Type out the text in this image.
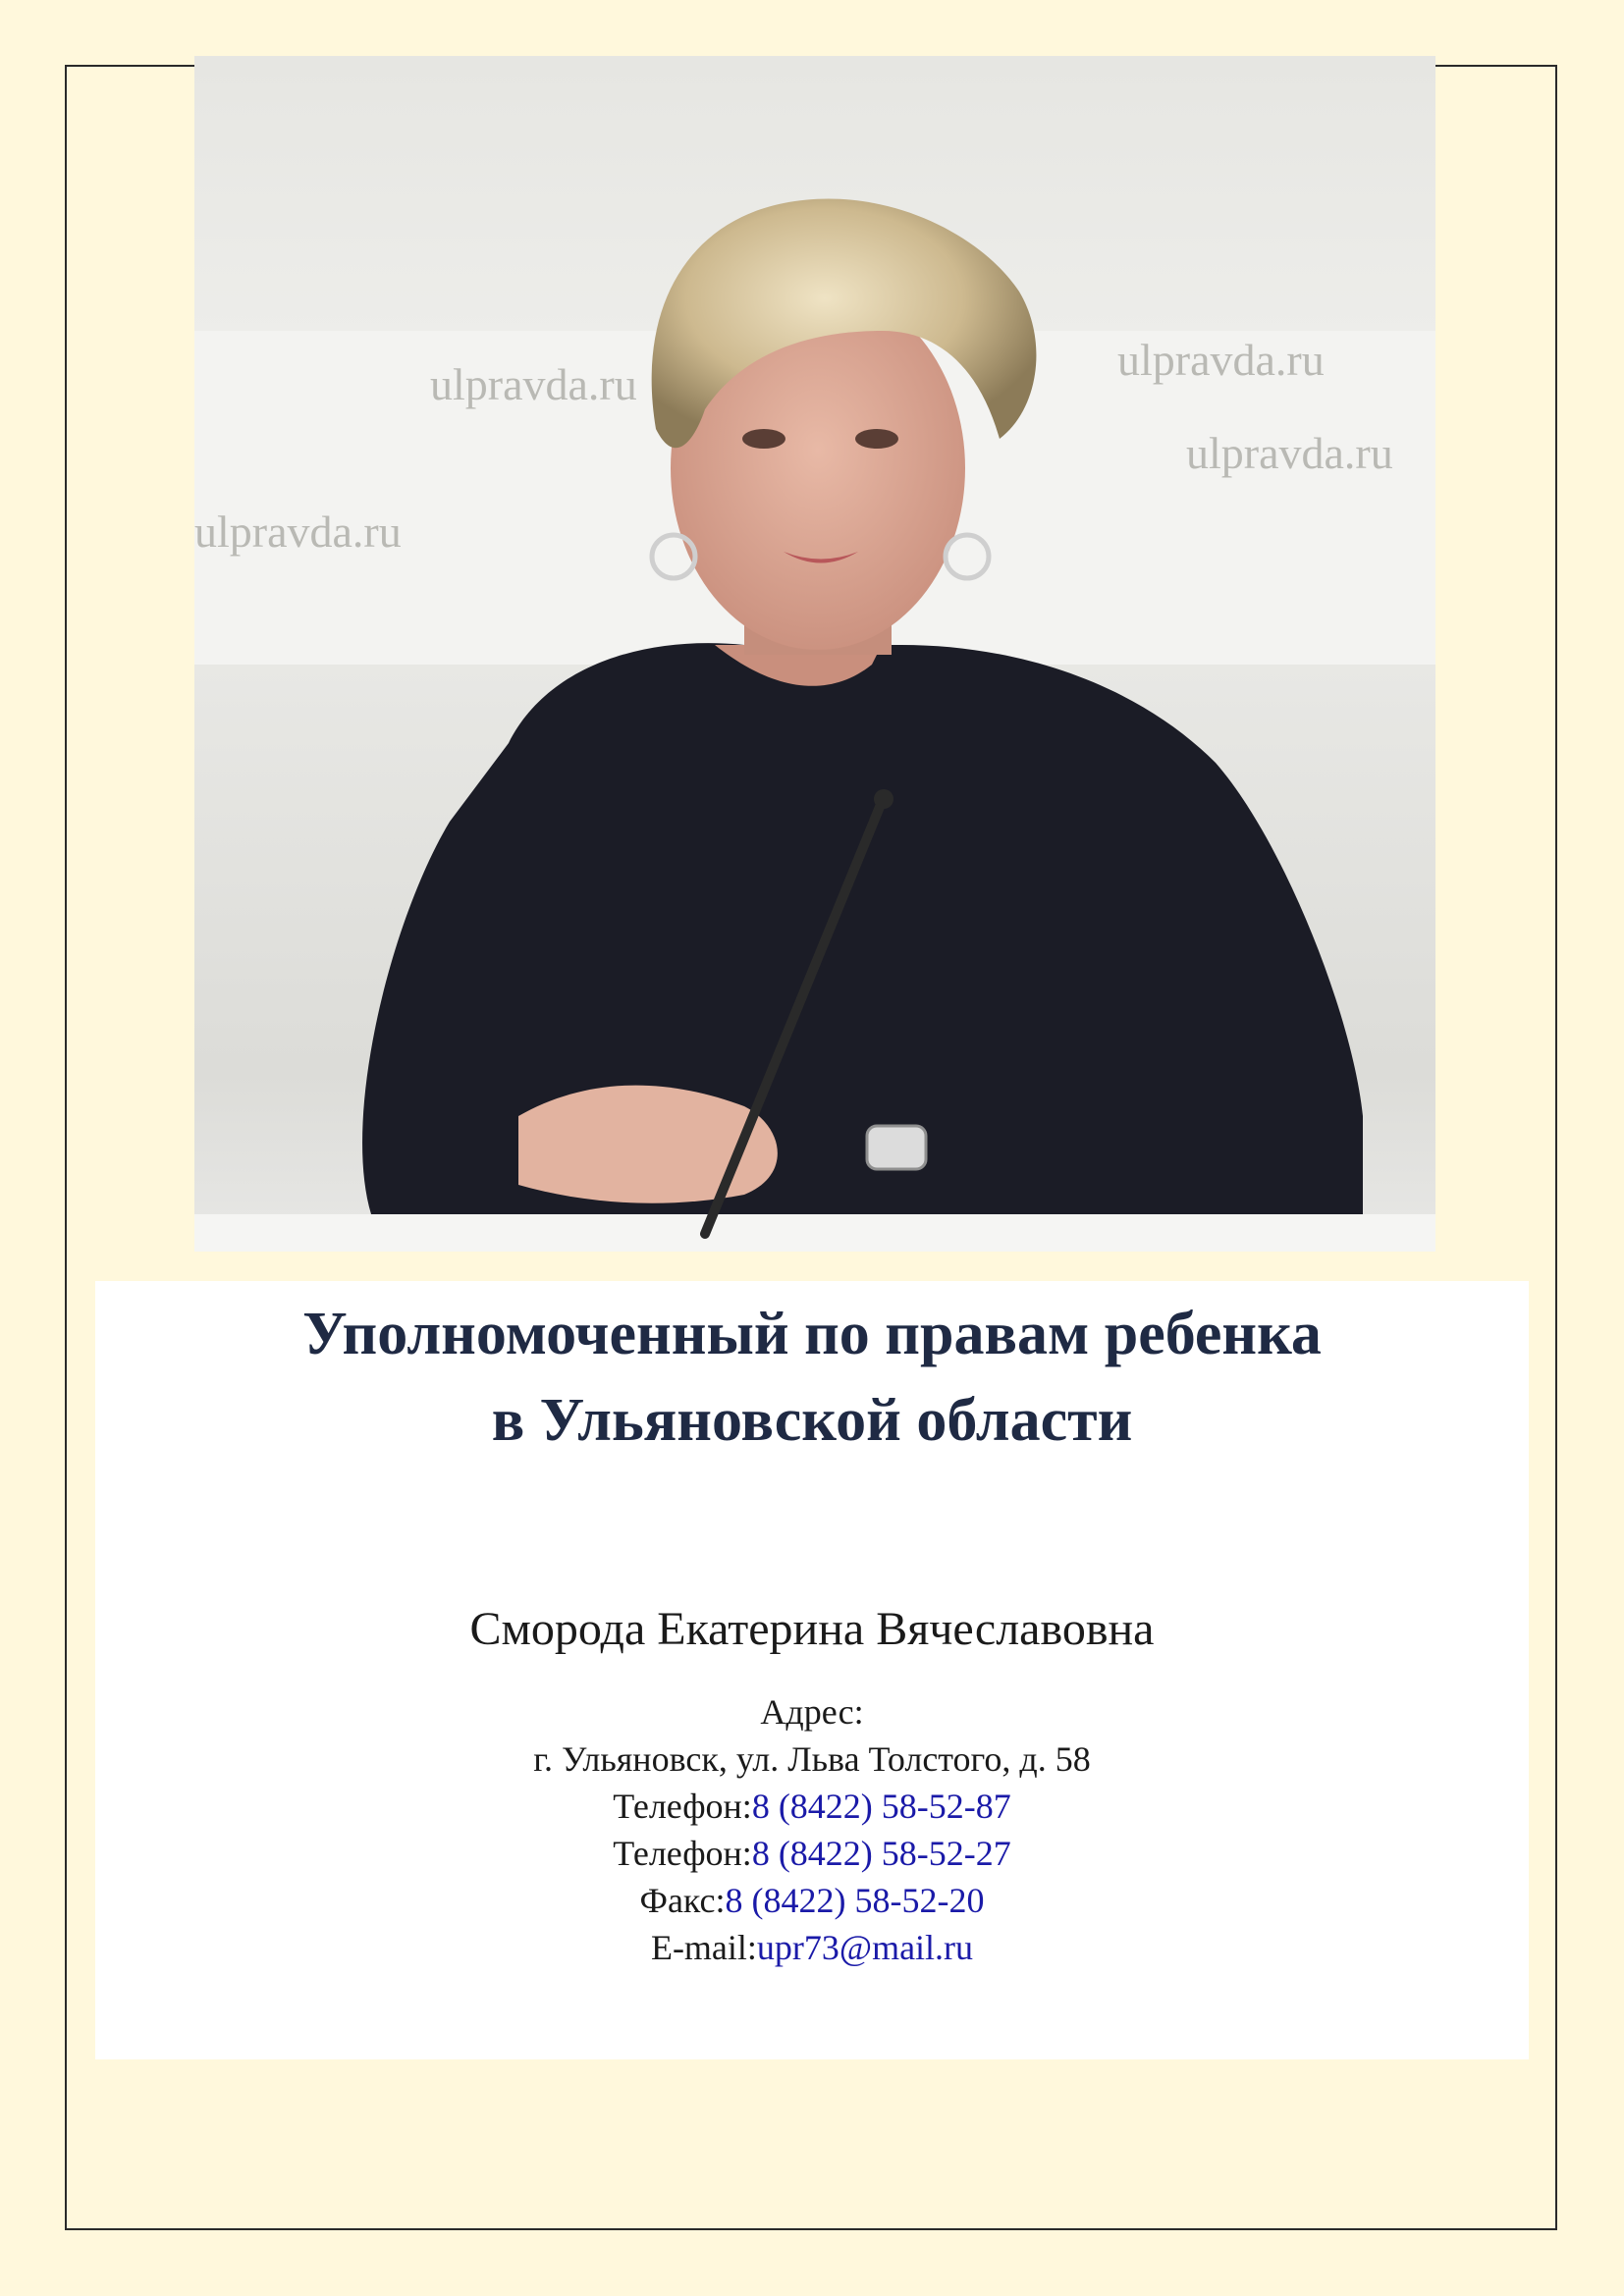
ulpravda.ru
ulpravda.ru
ulpravda.ru
ulpravda.ru
Уполномоченный по правам ребенка
в Ульяновской области
Сморода Екатерина Вячеславовна
Адрес:
г. Ульяновск, ул. Льва Толстого, д. 58
Телефон:8 (8422) 58-52-87
Телефон:8 (8422) 58-52-27
Факс:8 (8422) 58-52-20
E-mail:upr73@mail.ru
